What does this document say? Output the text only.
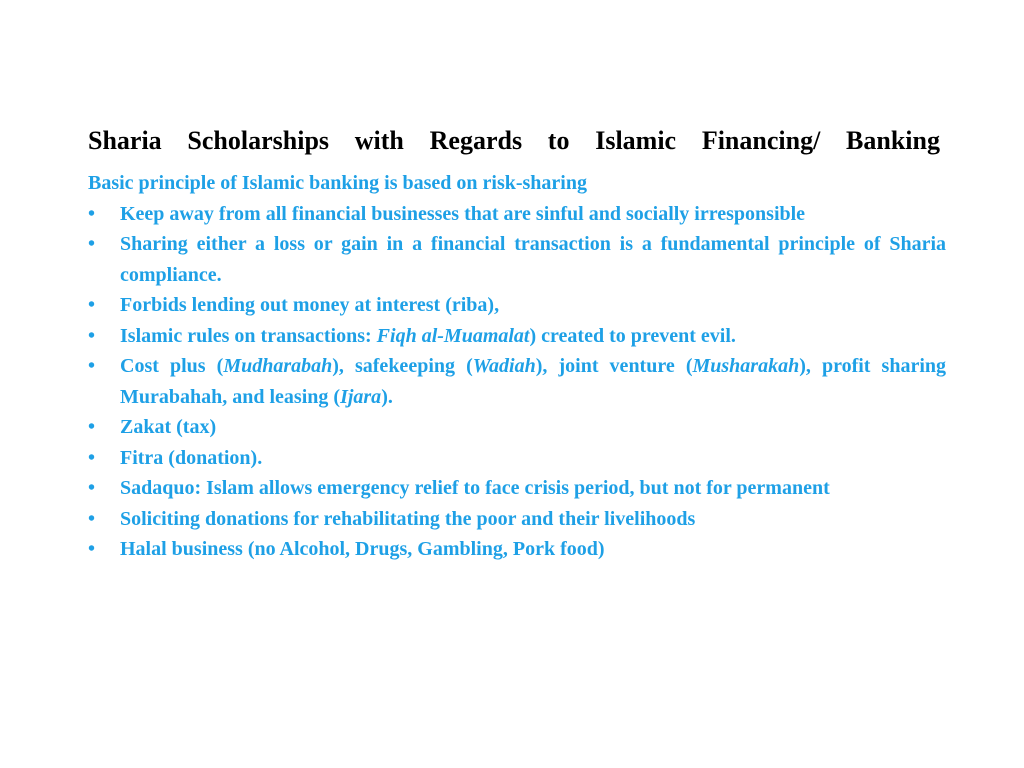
Sharia Scholarships with Regards to Islamic Financing/ Banking

Basic principle of Islamic banking is based on risk-sharing

•	Keep away from all financial businesses that are sinful and socially irresponsible
•	Sharing either a loss or gain in a financial transaction is a fundamental principle of Sharia compliance.
•	Forbids lending out money at interest (riba),
•	Islamic rules on transactions: Fiqh al-Muamalat) created to prevent evil.
•	Cost plus (Mudharabah), safekeeping (Wadiah), joint venture (Musharakah), profit sharing Murabahah, and leasing (Ijara).
•	Zakat (tax)
•	Fitra (donation).
•	Sadaquo: Islam allows emergency relief to face crisis period, but not for permanent
•	Soliciting donations for rehabilitating the poor and their livelihoods
•	Halal business (no Alcohol, Drugs, Gambling, Pork food)
